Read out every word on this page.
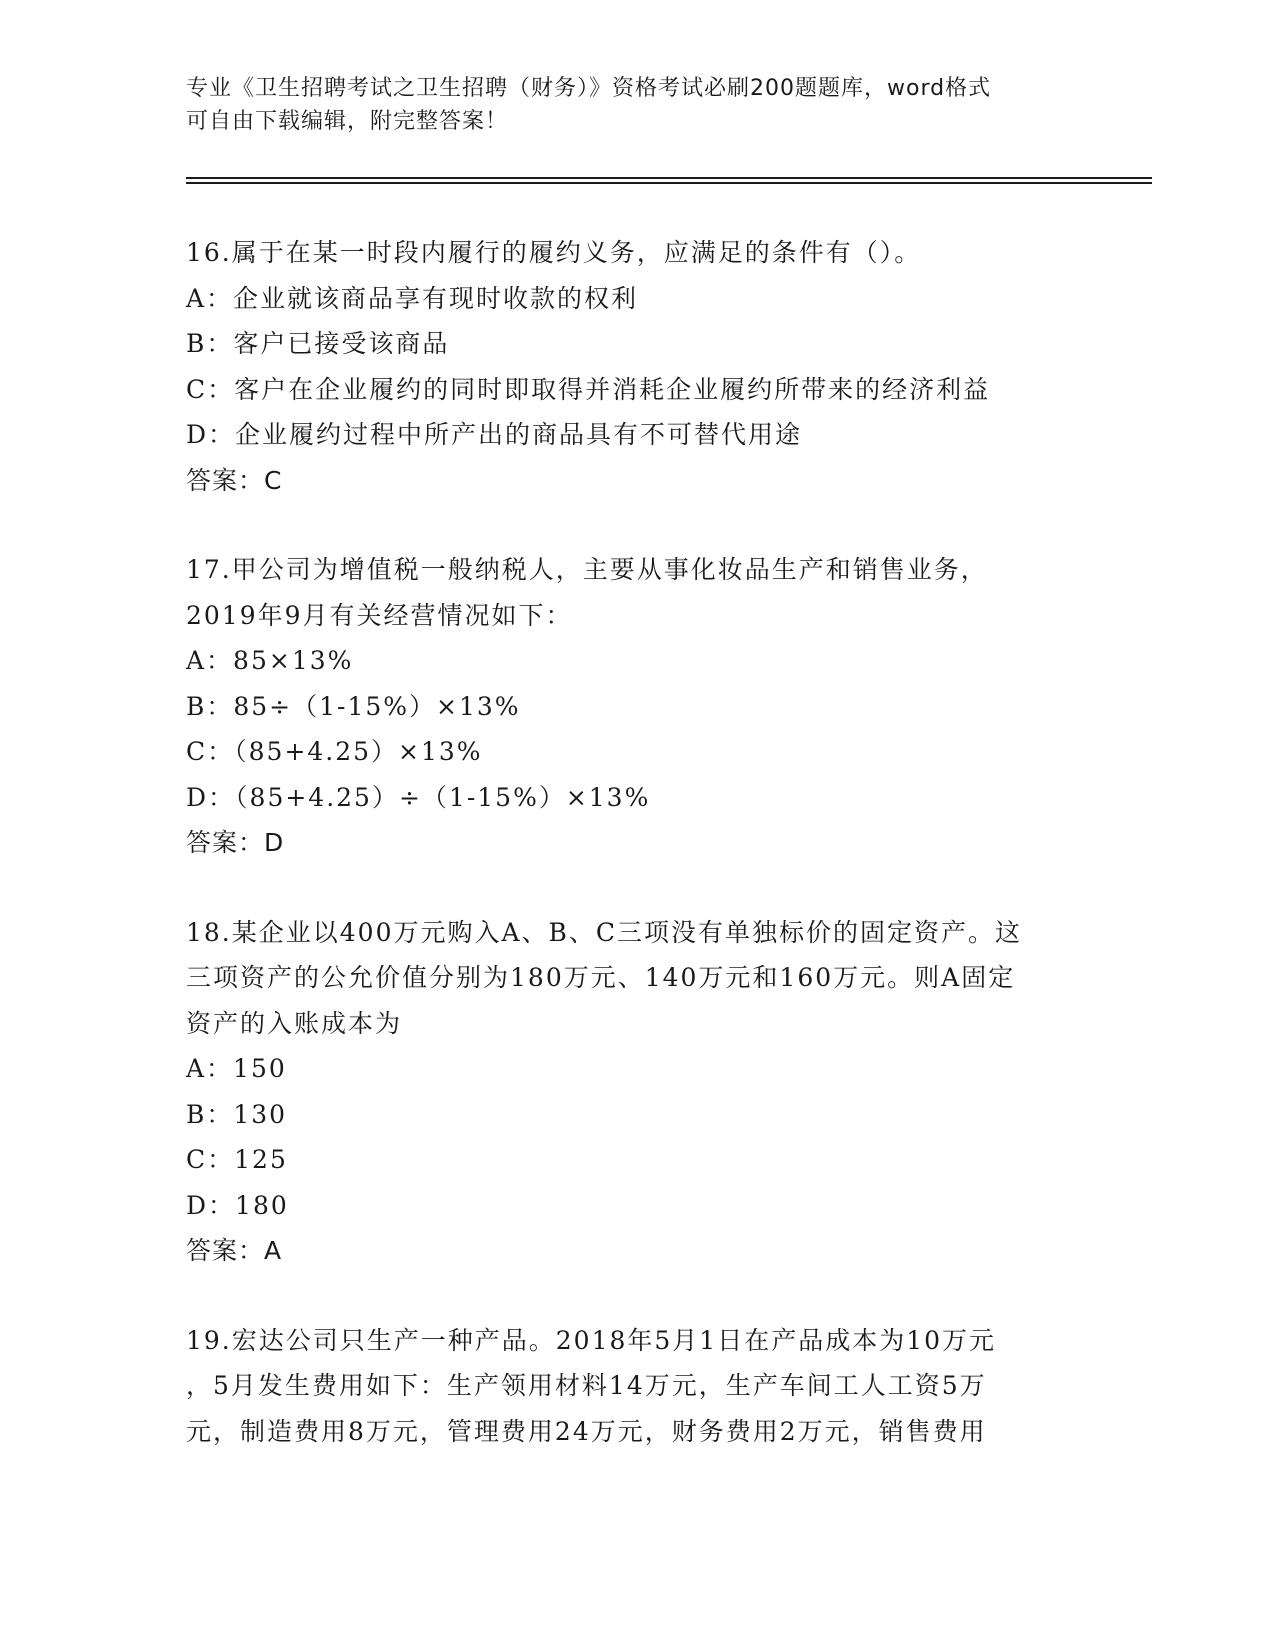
专业《卫生招聘考试之卫生招聘（财务）》资格考试必刷200题题库，word格式
可自由下载编辑，附完整答案！
16.属于在某一时段内履行的履约义务，应满足的条件有（）。
A：企业就该商品享有现时收款的权利
B：客户已接受该商品
C：客户在企业履约的同时即取得并消耗企业履约所带来的经济利益
D：企业履约过程中所产出的商品具有不可替代用途
答案：C
17.甲公司为增值税一般纳税人，主要从事化妆品生产和销售业务，
2019年9月有关经营情况如下：
A：85×13%
B：85÷（1-15%）×13%
C：（85+4.25）×13%
D：（85+4.25）÷（1-15%）×13%
答案：D
18.某企业以400万元购入A、B、C三项没有单独标价的固定资产。这
三项资产的公允价值分别为180万元、140万元和160万元。则A固定
资产的入账成本为
A：150
B：130
C：125
D：180
答案：A
19.宏达公司只生产一种产品。2018年5月1日在产品成本为10万元
，5月发生费用如下：生产领用材料14万元，生产车间工人工资5万
元，制造费用8万元，管理费用24万元，财务费用2万元，销售费用
